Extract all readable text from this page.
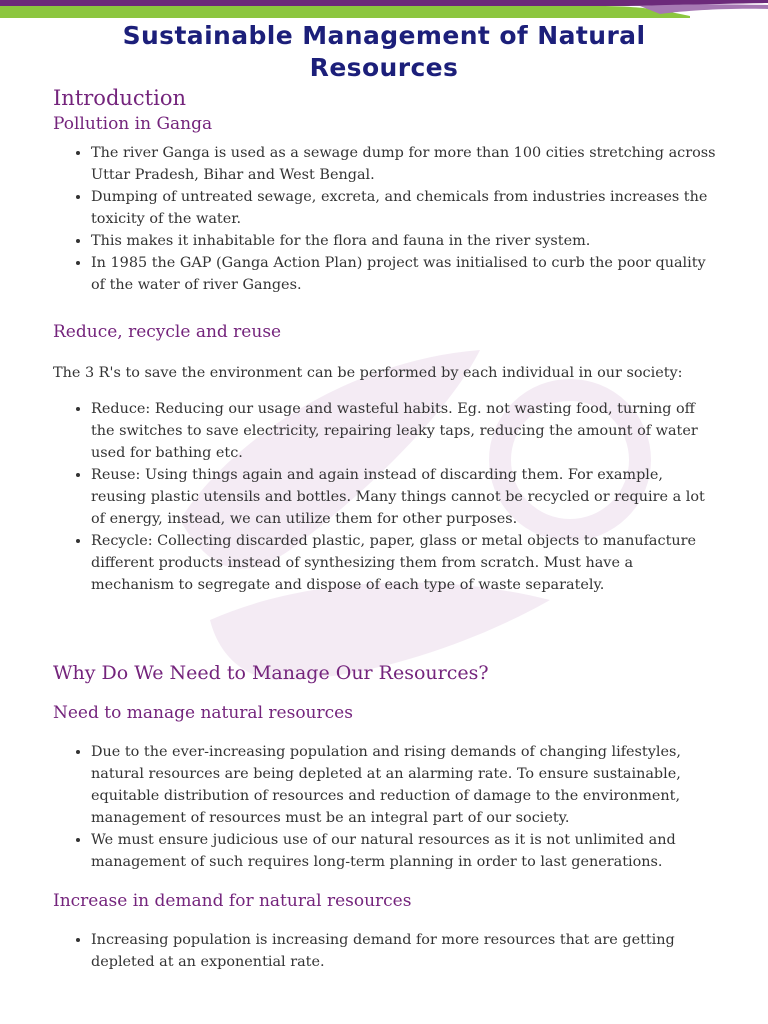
Sustainable Management of Natural
Resources
Introduction
Pollution in Ganga
• The river Ganga is used as a sewage dump for more than 100 cities stretching across Uttar Pradesh, Bihar and West Bengal.
• Dumping of untreated sewage, excreta, and chemicals from industries increases the toxicity of the water.
• This makes it inhabitable for the flora and fauna in the river system.
• In 1985 the GAP (Ganga Action Plan) project was initialised to curb the poor quality of the water of river Ganges.
Reduce, recycle and reuse

The 3 R's to save the environment can be performed by each individual in our society:

• Reduce: Reducing our usage and wasteful habits. Eg. not wasting food, turning off the switches to save electricity, repairing leaky taps, reducing the amount of water used for bathing etc.
• Reuse: Using things again and again instead of discarding them. For example, reusing plastic utensils and bottles. Many things cannot be recycled or require a lot of energy, instead, we can utilize them for other purposes.
• Recycle: Collecting discarded plastic, paper, glass or metal objects to manufacture different products instead of synthesizing them from scratch. Must have a mechanism to segregate and dispose of each type of waste separately.
Why Do We Need to Manage Our Resources?
Need to manage natural resources
• Due to the ever-increasing population and rising demands of changing lifestyles, natural resources are being depleted at an alarming rate. To ensure sustainable, equitable distribution of resources and reduction of damage to the environment, management of resources must be an integral part of our society.
• We must ensure judicious use of our natural resources as it is not unlimited and management of such requires long-term planning in order to last generations.
Increase in demand for natural resources
• Increasing population is increasing demand for more resources that are getting depleted at an exponential rate.
